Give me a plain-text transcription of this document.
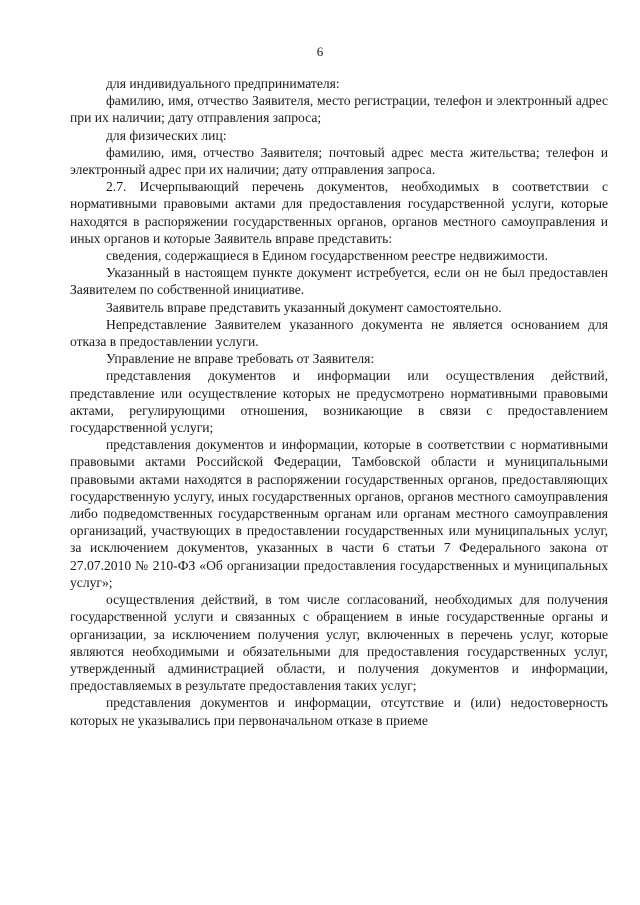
6

для индивидуального предпринимателя:

фамилию, имя, отчество Заявителя, место регистрации, телефон и электронный адрес при их наличии; дату отправления запроса;

для физических лиц:

фамилию, имя, отчество Заявителя; почтовый адрес места жительства; телефон и электронный адрес при их наличии; дату отправления запроса.

2.7. Исчерпывающий перечень документов, необходимых в соответствии с нормативными правовыми актами для предоставления государственной услуги, которые находятся в распоряжении государственных органов, органов местного самоуправления и иных органов и которые Заявитель вправе представить:

сведения, содержащиеся в Едином государственном реестре недвижимости.

Указанный в настоящем пункте документ истребуется, если он не был предоставлен Заявителем по собственной инициативе.

Заявитель вправе представить указанный документ самостоятельно.

Непредставление Заявителем указанного документа не является основанием для отказа в предоставлении услуги.

Управление не вправе требовать от Заявителя:

представления документов и информации или осуществления действий, представление или осуществление которых не предусмотрено нормативными правовыми актами, регулирующими отношения, возникающие в связи с предоставлением государственной услуги;

представления документов и информации, которые в соответствии с нормативными правовыми актами Российской Федерации, Тамбовской области и муниципальными правовыми актами находятся в распоряжении государственных органов, предоставляющих государственную услугу, иных государственных органов, органов местного самоуправления либо подведомственных государственным органам или органам местного самоуправления организаций, участвующих в предоставлении государственных или муниципальных услуг, за исключением документов, указанных в части 6 статьи 7 Федерального закона от 27.07.2010 № 210-ФЗ «Об организации предоставления государственных и муниципальных услуг»;

осуществления действий, в том числе согласований, необходимых для получения государственной услуги и связанных с обращением в иные государственные органы и организации, за исключением получения услуг, включенных в перечень услуг, которые являются необходимыми и обязательными для предоставления государственных услуг, утвержденный администрацией области, и получения документов и информации, предоставляемых в результате предоставления таких услуг;

представления документов и информации, отсутствие и (или) недостоверность которых не указывались при первоначальном отказе в приеме
